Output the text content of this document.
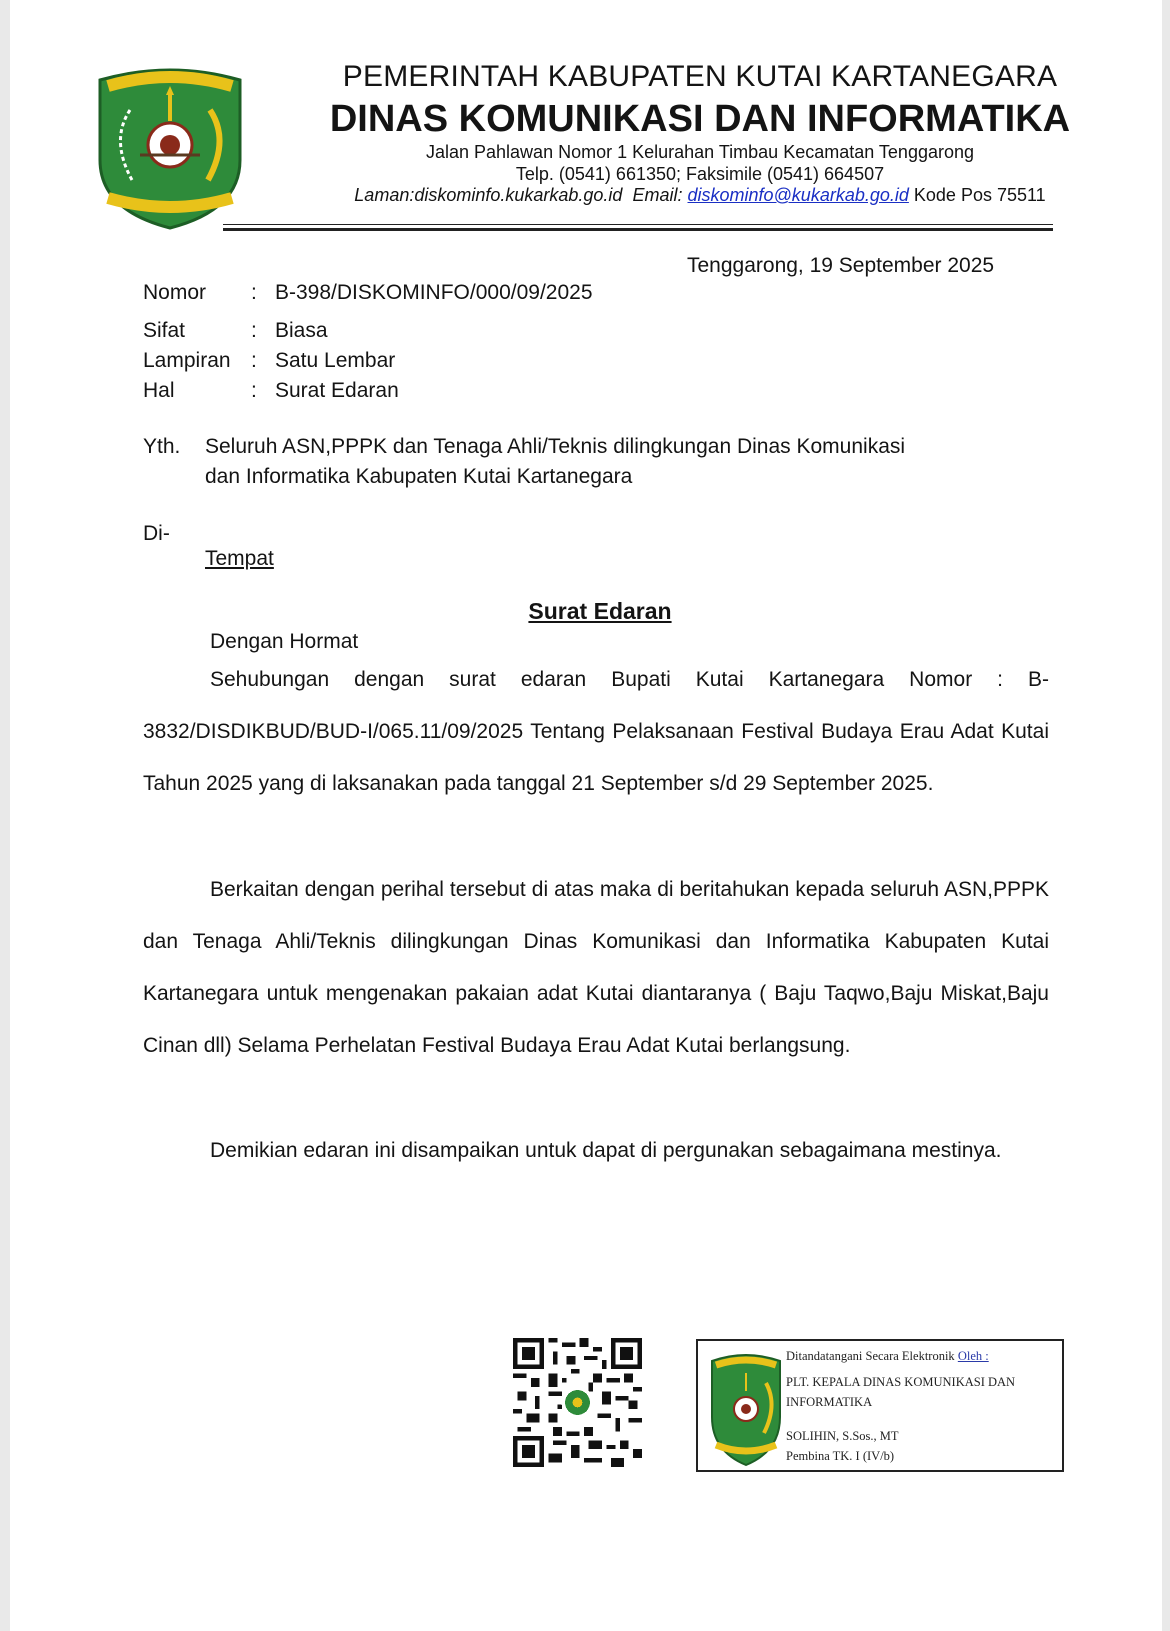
PEMERINTAH KABUPATEN KUTAI KARTANEGARA
DINAS KOMUNIKASI DAN INFORMATIKA
Jalan Pahlawan Nomor 1 Kelurahan Timbau Kecamatan Tenggarong
Telp. (0541) 661350; Faksimile (0541) 664507
Laman:diskominfo.kukarkab.go.id Email: diskominfo@kukarkab.go.id Kode Pos 75511
Tenggarong, 19 September 2025
Nomor : B-398/DISKOMINFO/000/09/2025
Sifat	: Biasa
Lampiran : Satu Lembar
Hal	: Surat Edaran
Yth. Seluruh ASN,PPPK dan Tenaga Ahli/Teknis dilingkungan Dinas Komunikasi
dan Informatika Kabupaten Kutai Kartanegara
Di-
Tempat
Surat Edaran
Dengan Hormat
Sehubungan dengan surat edaran Bupati Kutai Kartanegara Nomor : B-3832/DISDIKBUD/BUD-I/065.11/09/2025 Tentang Pelaksanaan Festival Budaya Erau Adat Kutai Tahun 2025 yang di laksanakan pada tanggal 21 September s/d 29 September 2025.
Berkaitan dengan perihal tersebut di atas maka di beritahukan kepada seluruh ASN,PPPK dan Tenaga Ahli/Teknis dilingkungan Dinas Komunikasi dan Informatika Kabupaten Kutai Kartanegara untuk mengenakan pakaian adat Kutai diantaranya ( Baju Taqwo,Baju Miskat,Baju Cinan dll) Selama Perhelatan Festival Budaya Erau Adat Kutai berlangsung.
Demikian edaran ini disampaikan untuk dapat di pergunakan sebagaimana mestinya.
Ditandatangani Secara Elektronik Oleh :
PLT. KEPALA DINAS KOMUNIKASI DAN
INFORMATIKA
SOLIHIN, S.Sos., MT
Pembina TK. I (IV/b)
